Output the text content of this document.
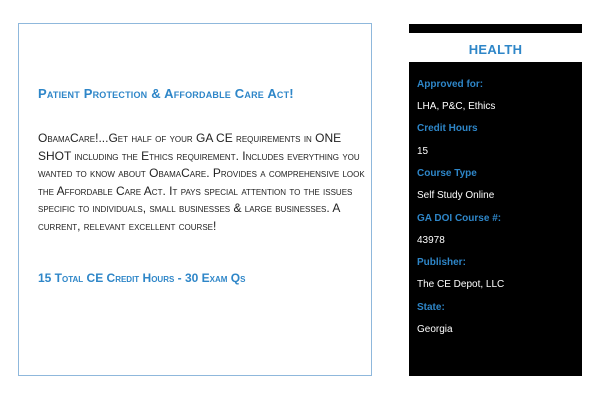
Patient Protection & Affordable Care Act!

ObamaCare!...Get half of your GA CE requirements in ONE SHOT including the Ethics requirement. Includes everything you wanted to know about ObamaCare. Provides a comprehensive look the Affordable Care Act. It pays special attention to the issues specific to individuals, small businesses & large businesses. A current, relevant excellent course!

15 Total CE Credit Hours - 30 Exam Qs

HEALTH
Approved for:
LHA, P&C, Ethics
Credit Hours
15
Course Type
Self Study Online
GA DOI Course #:
43978
Publisher:
The CE Depot, LLC
State:
Georgia
